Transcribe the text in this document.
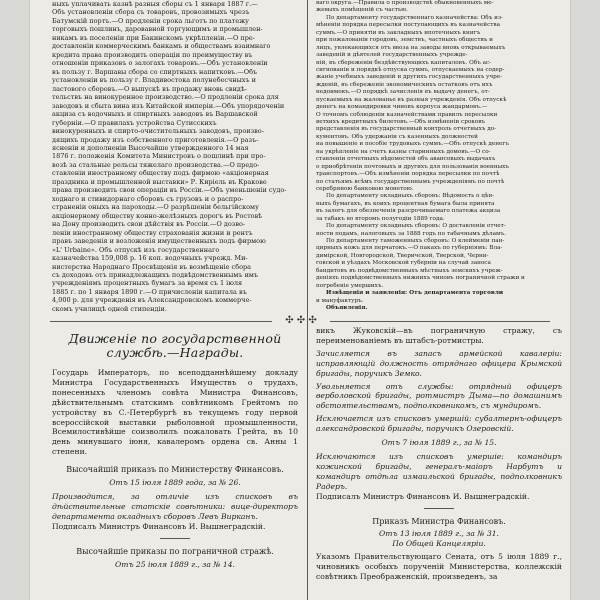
ныхъ уплачивать казнѣ разныя сборы съ 1 января 1887 г.—

Объ установленіи сбора съ товаровъ, провозимыхъ чрезъ

Батумскій портъ.—О продленіи срока льготъ по платежу

торговыхъ пошлинъ, даровавной торгующимъ и промышлен-

никамъ въ поселеніи при Бакинскомъ укрѣпленіи.—О пре-

доставленіи коммерческимъ банкамъ и обществамъ взаимнаго

кредита права производить операціи по преимуществу въ

отношеніи приказовъ о залогахъ товаровъ.—Объ установленіи

въ пользу г. Варшавы сбора со спиртныхъ напитковъ.—Объ

установленіи въ пользу г. Владивостока полунебесчныхъ и

ластового сборовъ.—О выпускѣ въ продажу вновь свидѣ-

тельствъ на винокуренное производство.—О продленіи срока для

заводовъ и сбыта вина изъ Китайской имперіи.—Объ упорядоченіи

акциза съ водочныхъ и спиртныхъ заводовъ въ Варшавской

губерніи.—О правилахъ устройства Сутисскихъ

винокуренныхъ и спирто-очистительныхъ заводовъ, произво-

дящихъ продажу изъ собственного приготовленія.—О разъ-

ясненіи и дополненіи Высочайше утвержденного 14 мая

1876 г. положенія Комитета Министровъ о пошлинѣ при про-

возѣ за стальные рельсы тяжелаго производства.—О предо-

ставленіи иностранному обществу подъ фирмою «акціонерная

праздника и промышленной выставки» Р. Киріель въ Кракове

права производить свои операціи въ Россіи.—Объ уменьшеніи судо-

ходнаго и стивидорнаго сборовъ съ грузовъ и о распро-

страненіи оныхъ на пароходы.—О разрѣшеніи бельгійскому

акціонерному обществу конно-желѣзныхъ дорогъ въ Ростовѣ

на Дону производить свои дѣйствія въ Россіи.—О дозво-

леніи иностранному обществу страхованія жизни и рентъ

правъ заведенія и возложенія имущественныхъ подъ фирмою

«L' Urbaine». Объ отпускѣ изъ государственнаго

казначейства 159,008 р. 16 коп. водочныхъ учрежд. Ми-

нистерства Народнаго Просвѣщенія въ возмѣщеніе сбора

съ доходовъ отъ принадлежащихъ подвѣдомственнымъ имъ

учрежденіямъ процентныхъ бумагъ за время съ 1 іюля

1885 г. по 1 января 1890 г.—О причисленіи капитала въ

4,000 р. для учрежденія въ Александровскомъ коммерче-

скомъ училищѣ одной стипендіи.

ваго округа.—Правила о производствѣ обыкновенныхъ ме-

жевыхъ помѣщеній съ частью.

По департаменту государственнаго казначейства: Объ из-

мѣненіи порядка пересылки поступающихъ въ казначейства

суммъ.—О принятіи въ закладныхъ ипотечныхъ книгъ

при пожалованіи городовъ, земствъ, частныхъ обществъ и

лицъ, увлекающихся отъ ввоза на заводы вновь открываемыхъ

заведеній и дѣятелей государственныхъ учрежде-

ній, въ сбереженіи бездѣйствующихъ капиталовъ. Объ ас-

сигнованіи и порядкѣ отпуска суммъ, отпускаемыхъ на содер-

жаніе учебныхъ заведеній и другихъ государственныхъ учре-

жденій, въ сбереженіе экономическихъ остатковъ отъ ихъ

недоимокъ.—О порядкѣ зачисленія въ выдачу денегъ, от-

пускаемыхъ на жалованье въ разныя учрежденія. Объ отпускѣ

денегъ на командировки чиновъ корпуса жандармовъ.—

О точномъ соблюденіи казначействами правилъ пересылки

ветхихъ кредитныхъ билетовъ.—Объ измѣненіи сроковъ

представленія въ государственный контроль отчетныхъ до-

кументовъ. Объ удержаніи съ казенныхъ должностей

на повышеніе и пособіе трудовыхъ суммъ.—Объ отпускѣ денегъ

на укрѣпленіе на счетъ казны старинныхъ домовъ.—О со-

ставленіи отчетныхъ вѣдомостей объ авансовыхъ выдачахъ

о приобрѣтеніи почтовыхъ и другихъ для пользованія военныхъ

транспортовъ.—Объ измѣненіи порядка пересылки по почтѣ

по статьямъ всѣмъ государственнымъ учрежденіямъ по почтѣ

серебряною банковою монетою.

По департаменту окладныхъ сборовъ: Вѣдомость о цѣн-

ныхъ бумагахъ, въ коихъ процентная бумага была принята

въ залогъ для обезпеченія разсрочиваемаго платежа акциза

за табакъ во второмъ полугодіи 1889 года.

По департаменту окладныхъ сборовъ: О доставленіи отчет-

ности подамъ, налоговыхъ за 1888 годъ по табачнымъ дѣламъ.

По департаменту таможенныхъ сборовъ: О клейменіи пан-

цирныхъ кожъ для перчатокъ.—О пакахъ по губерніямъ: Вла-

димірской, Новгородской, Тверичской, Тверской, Черни-

говской и уѣздахъ Московской губерніи на случай заноса

бандитовъ въ подвѣдомственныхъ мѣстныхъ земскихъ учреж-

деніяхъ подвѣдомственныхъ нижнихъ чиновъ пограничной стражи и

погребеніе умершихъ.

Извѣщенія и заявленія: Отъ департамента торговли

и мануфактуръ.

Объявленія.

✣ ✣ ✣
Движеніе по государственной службѣ.—Награды.

Государь Императоръ, по всеподданнѣйшему докладу Министра Государственныхъ Имуществъ о трудахъ, понесенныхъ членомъ совѣта Министра Финансовъ, дѣйствительнымъ статскимъ совѣтникомъ Грейтомъ по устройству въ С.-Петербургѣ въ текущемъ году первой всероссійской выставки рыболовной промышленности, Всемилостивѣйше соизволилъ пожаловать Грейта, въ 10 день минувшаго іюня, кавалеромъ ордена св. Анны 1 степени.

Высочайшій приказъ по Министерству Финансовъ.

Отъ 15 іюля 1889 года, за № 26.

Производится, за отличіе изъ списковъ въ дѣйствительные статскіе совѣтники: вице-директоръ департамента окладныхъ сборовъ Левъ Вирканъ.

Подписалъ Министръ Финансовъ И. Вышнеградскій.

Высочайшіе приказы по пограничной стражѣ.

Отъ 25 іюля 1889 г., за № 14.

викъ Жуковскій—въ пограничную стражу, съ переименованіемъ въ штабсъ-ротмистры.

Зачисляется въ запасъ армейской кавалеріи: исправляющій должность отряднаго офицера Крымской бригады, поручикъ Земко.

Увольняется отъ службы: отрядный офицеръ верболовской бригады, ротмистръ Дыма—по домашнимъ обстоятельствамъ, подполковникомъ, съ мундиромъ.

Исключается изъ списковъ умершій: субалтернъ-офицеръ александровской бригады, поручикъ Озеровскій.

Отъ 7 іюля 1889 г., за № 15.

Исключаются изъ списковъ умершіе: командиръ кожинской бригады, генералъ-маіоръ Нарбутъ и командиръ отдѣла измаильской бригады, подполковникъ Радеръ.

Подписалъ Министръ Финансовъ И. Вышнеградскій.

Приказъ Министра Финансовъ.

Отъ 13 іюля 1889 г., за № 31.

По Общей Канцеляріи.

Указомъ Правительствующаго Сената, отъ 5 іюля 1889 г., чиновникъ особыхъ порученій Министерства, коллежскій совѣтникъ Преображенскій, произведенъ, за
